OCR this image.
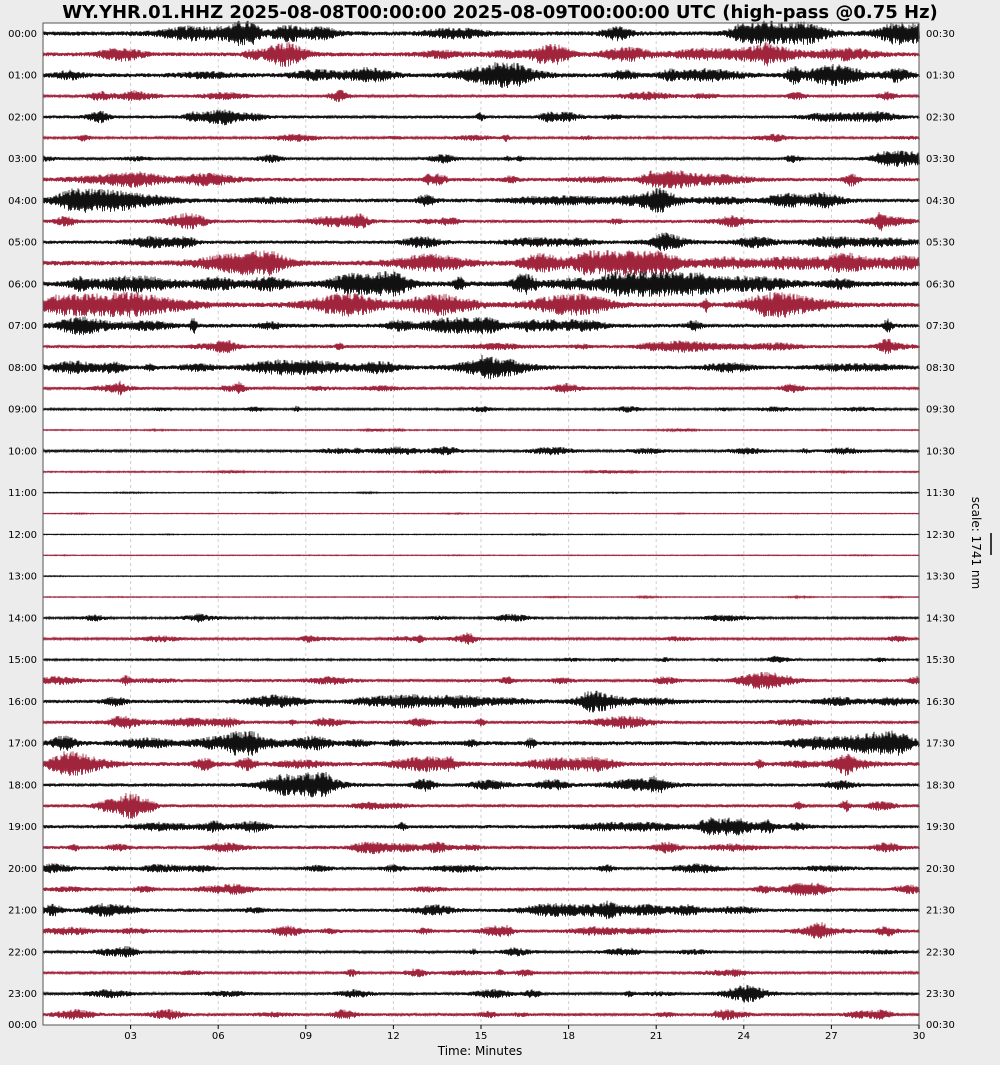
WY.YHR.01.HHZ 2025-08-08T00:00:00 2025-08-09T00:00:00 UTC (high-pass @0.75 Hz)
00:00
01:00
02:00
03:00
04:00
05:00
06:00
07:00
08:00
09:00
10:00
11:00
12:00
13:00
14:00
15:00
16:00
17:00
18:00
19:00
20:00
21:00
22:00
23:00
00:00
00:30
01:30
02:30
03:30
04:30
05:30
06:30
07:30
08:30
09:30
10:30
11:30
12:30
13:30
14:30
15:30
16:30
17:30
18:30
19:30
20:30
21:30
22:30
23:30
00:30
03	06	09	12	15	18	21	24	27	30
Time: Minutes
scale: 1741 nm
